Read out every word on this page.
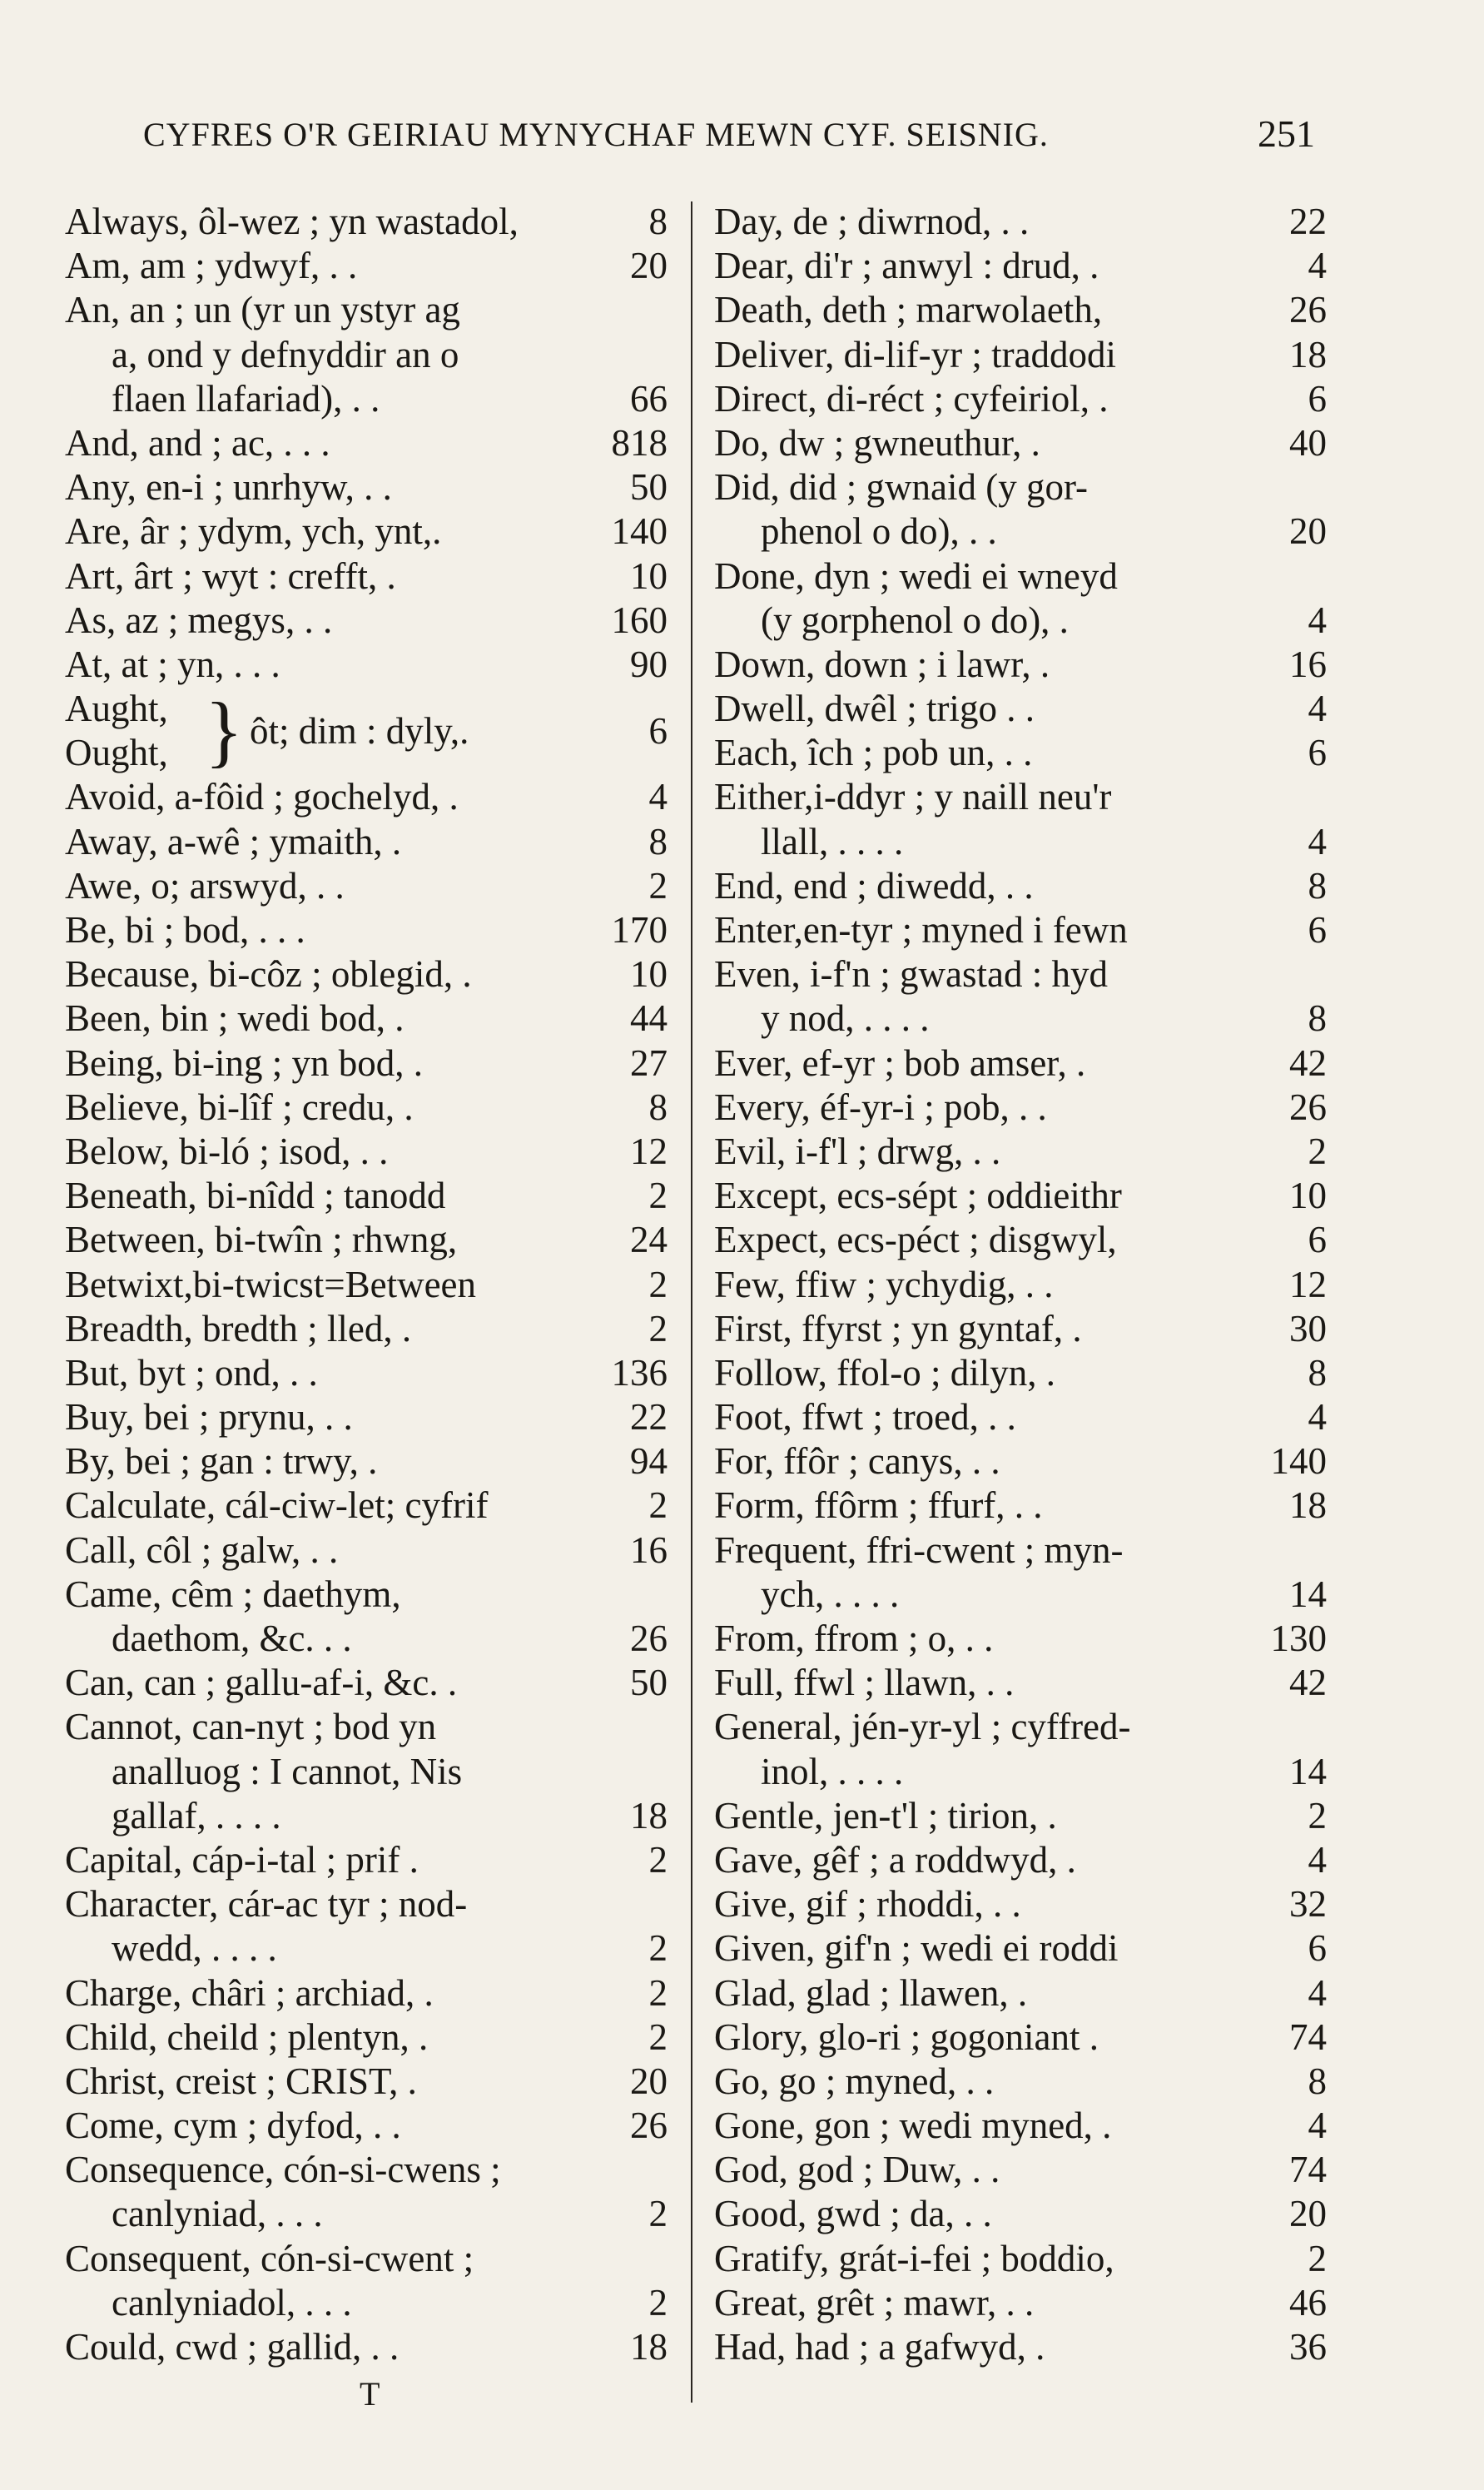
CYFRES O'R GEIRIAU MYNYCHAF MEWN CYF. SEISNIG.	251
Always, ôl-wez ; yn wastadol,	8
Am, am ; ydwyf, . .	20
An, an ; un (yr un ystyr ag
a, ond y defnyddir an o
flaen llafariad), . .	66
And, and ; ac, . . .	818
Any, en-i ; unrhyw, . .	50
Are, âr ; ydym, ych, ynt,.	140
Art, ârt ; wyt : crefft, .	10
As, az ; megys, . .	160
At, at ; yn, . . .	90
Aught,
Ought, } ôt; dim : dyly,.	6
Avoid, a-fôid ; gochelyd, .	4
Away, a-wê ; ymaith, .	8
Awe, o; arswyd, . .	2
Be, bi ; bod, . . .	170
Because, bi-côz ; oblegid, .	10
Been, bin ; wedi bod, .	44
Being, bi-ing ; yn bod, .	27
Believe, bi-lîf ; credu, .	8
Below, bi-ló ; isod, . .	12
Beneath, bi-nîdd ; tanodd	2
Between, bi-twîn ; rhwng,	24
Betwixt,bi-twicst=Between	2
Breadth, bredth ; lled, .	2
But, byt ; ond, . .	136
Buy, bei ; prynu, . .	22
By, bei ; gan : trwy, .	94
Calculate, cál-ciw-let; cyfrif	2
Call, côl ; galw, . .	16
Came, cêm ; daethym,
daethom, &c. . .	26
Can, can ; gallu-af-i, &c. .	50
Cannot, can-nyt ; bod yn
analluog : I cannot, Nis
gallaf, . . . .	18
Capital, cáp-i-tal ; prif .	2
Character, cár-ac tyr ; nod-
wedd, . . . .	2
Charge, châri ; archiad, .	2
Child, cheild ; plentyn, .	2
Christ, creist ; CRIST, .	20
Come, cym ; dyfod, . .	26
Consequence, cón-si-cwens ;
canlyniad, . . .	2
Consequent, cón-si-cwent ;
canlyniadol, . . .	2
Could, cwd ; gallid, . .	18
Day, de ; diwrnod, . .	22
Dear, di'r ; anwyl : drud, .	4
Death, deth ; marwolaeth,	26
Deliver, di-lif-yr ; traddodi	18
Direct, di-réct ; cyfeiriol, .	6
Do, dw ; gwneuthur, .	40
Did, did ; gwnaid (y gor-
phenol o do), . .	20
Done, dyn ; wedi ei wneyd
(y gorphenol o do), .	4
Down, down ; i lawr, .	16
Dwell, dwêl ; trigo . .	4
Each, îch ; pob un, . .	6
Either,i-ddyr ; y naill neu'r
llall, . . . .	4
End, end ; diwedd, . .	8
Enter,en-tyr ; myned i fewn	6
Even, i-f'n ; gwastad : hyd
y nod, . . . .	8
Ever, ef-yr ; bob amser, .	42
Every, éf-yr-i ; pob, . .	26
Evil, i-f'l ; drwg, . .	2
Except, ecs-sépt ; oddieithr	10
Expect, ecs-péct ; disgwyl,	6
Few, ffiw ; ychydig, . .	12
First, ffyrst ; yn gyntaf, .	30
Follow, ffol-o ; dilyn, .	8
Foot, ffwt ; troed, . .	4
For, ffôr ; canys, . .	140
Form, ffôrm ; ffurf, . .	18
Frequent, ffri-cwent ; myn-
ych, . . . .	14
From, ffrom ; o, . .	130
Full, ffwl ; llawn, . .	42
General, jén-yr-yl ; cyffred-
inol, . . . .	14
Gentle, jen-t'l ; tirion, .	2
Gave, gêf ; a roddwyd, .	4
Give, gif ; rhoddi, . .	32
Given, gif'n ; wedi ei roddi	6
Glad, glad ; llawen, .	4
Glory, glo-ri ; gogoniant .	74
Go, go ; myned, . .	8
Gone, gon ; wedi myned, .	4
God, god ; Duw, . .	74
Good, gwd ; da, . .	20
Gratify, grát-i-fei ; boddio,	2
Great, grêt ; mawr, . .	46
Had, had ; a gafwyd, .	36
T
